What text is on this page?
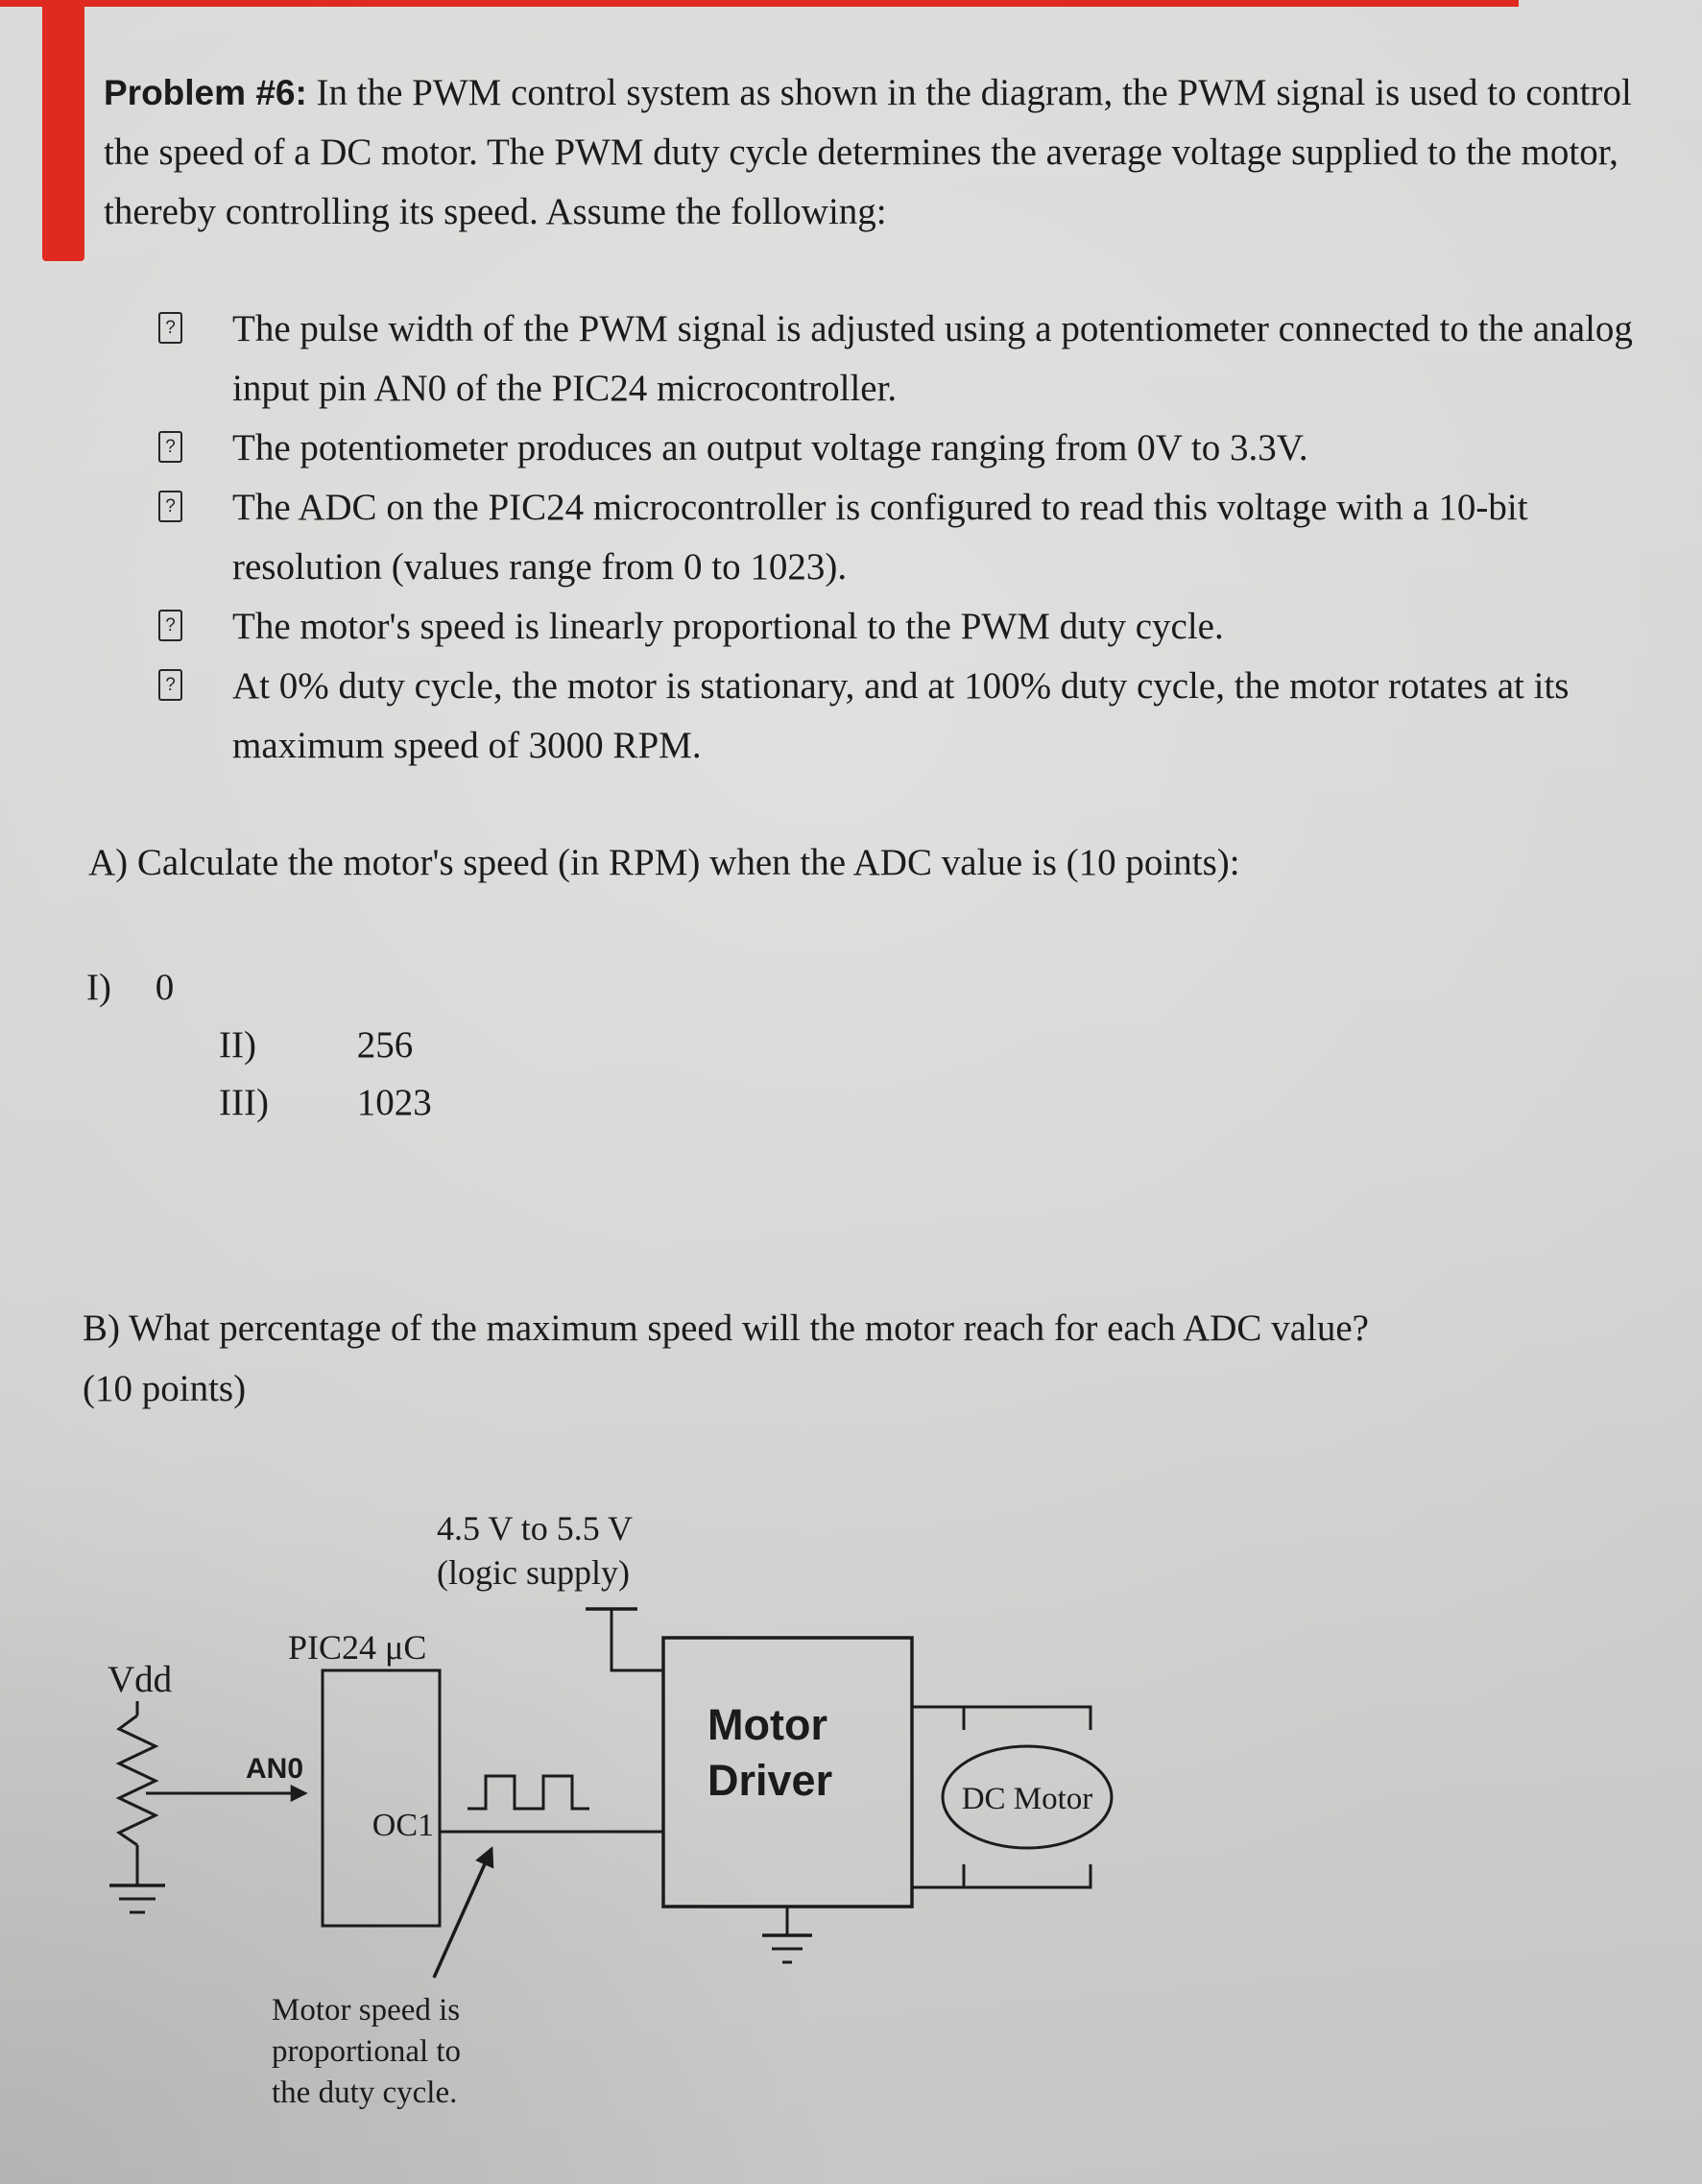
Problem #6: In the PWM control system as shown in the diagram, the PWM signal is used to control the speed of a DC motor. The PWM duty cycle determines the average voltage supplied to the motor, thereby controlling its speed. Assume the following:

? The pulse width of the PWM signal is adjusted using a potentiometer connected to the analog input pin AN0 of the PIC24 microcontroller.
? The potentiometer produces an output voltage ranging from 0V to 3.3V.
? The ADC on the PIC24 microcontroller is configured to read this voltage with a 10-bit resolution (values range from 0 to 1023).
? The motor's speed is linearly proportional to the PWM duty cycle.
? At 0% duty cycle, the motor is stationary, and at 100% duty cycle, the motor rotates at its maximum speed of 3000 RPM.

A) Calculate the motor's speed (in RPM) when the ADC value is (10 points):

I) 0
II)	256
III) 1023
B) What percentage of the maximum speed will the motor reach for each ADC value?
(10 points)
4.5 V to 5.5 V
(logic supply)
Vdd
AN0
PIC24 μC
OC1
Motor
Driver	DC Motor
Motor speed is
proportional to
the duty cycle.
